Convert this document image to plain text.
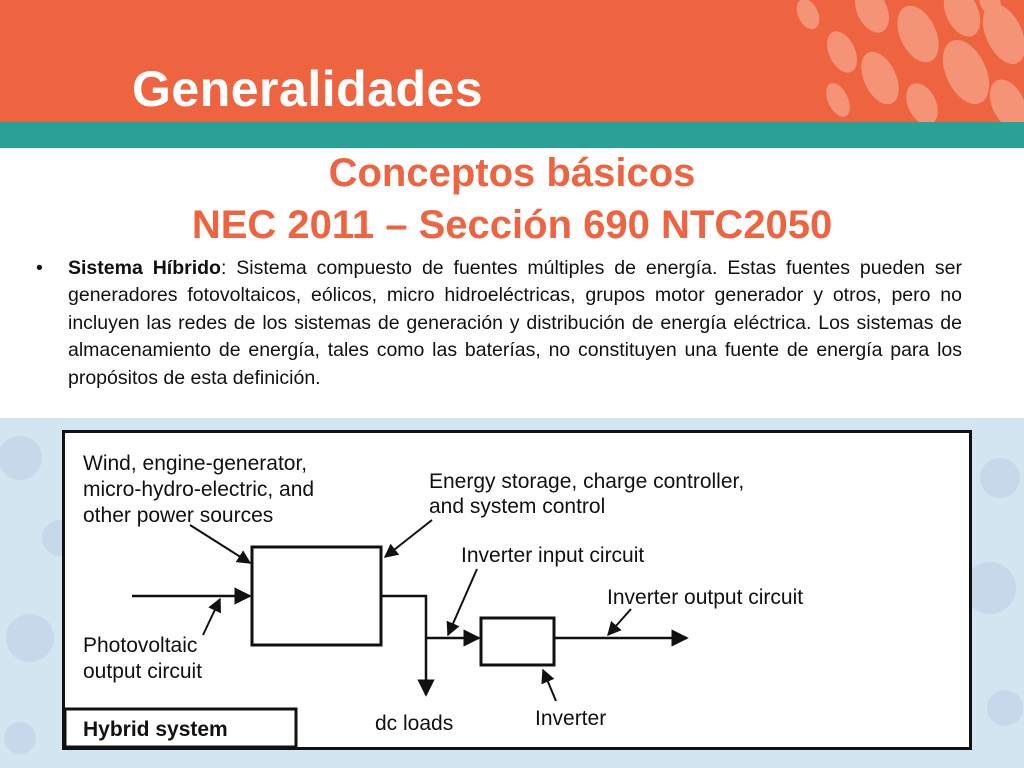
Generalidades
Conceptos básicos
NEC 2011 – Sección 690 NTC2050
• Sistema Híbrido: Sistema compuesto de fuentes múltiples de energía. Estas fuentes pueden ser generadores fotovoltaicos, eólicos, micro hidroeléctricas, grupos motor generador y otros, pero no incluyen las redes de los sistemas de generación y distribución de energía eléctrica. Los sistemas de almacenamiento de energía, tales como las baterías, no constituyen una fuente de energía para los propósitos de esta definición.
Wind, engine-generator,
micro-hydro-electric, and
other power sources
Energy storage, charge controller,
and system control
Inverter input circuit
Inverter output circuit
Photovoltaic
output circuit
dc loads	Inverter
Hybrid system
